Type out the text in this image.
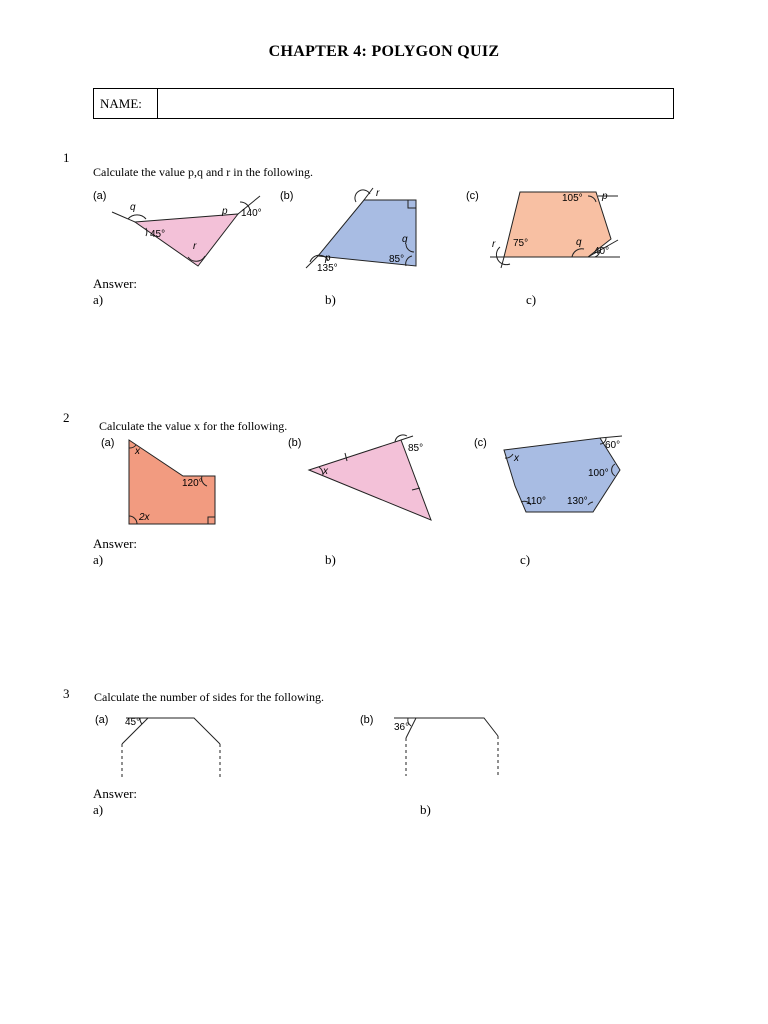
CHAPTER 4: POLYGON QUIZ
NAME:
1
Calculate the value p,q and r in the following.
(a)	(b)	(c)
q
45°
p 140°
r
r
p
135°
q
85°
105° p
r 75°	q
40°
Answer:
a)	b)	c)
2
Calculate the value x for the following.
(a)	(b)	(c)
x
120°
2x
x
85°
x
60°
100°
110° 130°
Answer:
a)	b)	c)
3 Calculate the number of sides for the following.
(a)	(b)
45°	36°
Answer:
a)	b)
